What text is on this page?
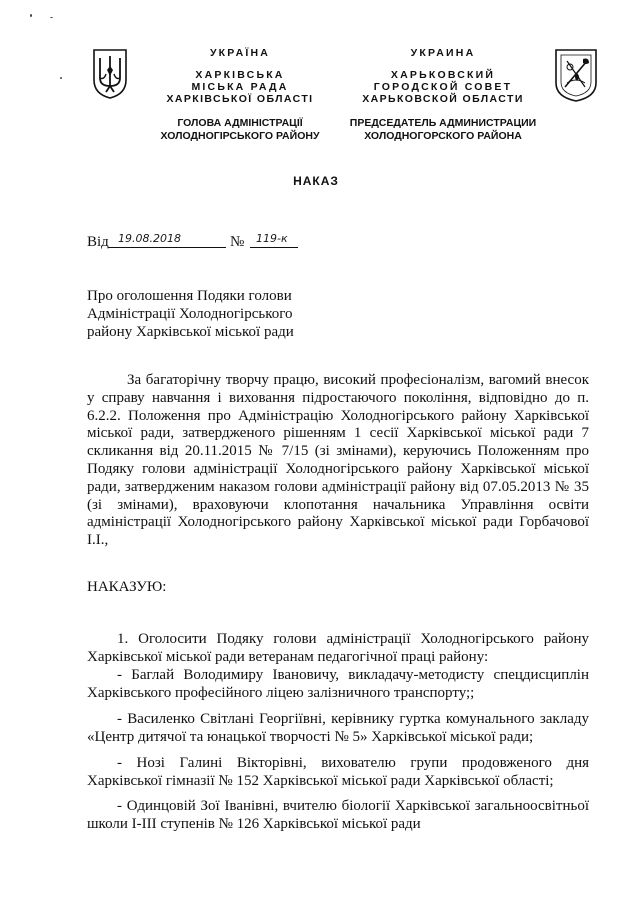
УКРАЇНА
ХАРКІВСЬКА
МІСЬКА РАДА
ХАРКІВСЬКОЇ ОБЛАСТІ
ГОЛОВА АДМІНІСТРАЦІЇ
ХОЛОДНОГІРСЬКОГО РАЙОНУ
УКРАИНА
ХАРЬКОВСКИЙ
ГОРОДСКОЙ СОВЕТ
ХАРЬКОВСКОЙ ОБЛАСТИ
ПРЕДСЕДАТЕЛЬ АДМИНИСТРАЦИИ
ХОЛОДНОГОРСКОГО РАЙОНА
НАКАЗ
Від 19.08.2018	№ 119-к
Про оголошення Подяки голови
Адміністрації Холодногірського
району Харківської міської ради
За багаторічну творчу працю, високий професіоналізм, вагомий внесок у справу навчання і виховання підростаючого покоління, відповідно до п. 6.2.2. Положення про Адміністрацію Холодногірського району Харківської міської ради, затвердженого рішенням 1 сесії Харківської міської ради 7 скликання від 20.11.2015 № 7/15 (зі змінами), керуючись Положенням про Подяку голови адміністрації Холодногірського району Харківської міської ради, затвердженим наказом голови адміністрації району від 07.05.2013 № 35 (зі змінами), враховуючи клопотання начальника Управління освіти адміністрації Холодногірського району Харківської міської ради Горбачової І.І.,
НАКАЗУЮ:
1. Оголосити Подяку голови адміністрації Холодногірського району Харківської міської ради ветеранам педагогічної праці району:
- Баглай Володимиру Івановичу, викладачу-методисту спецдисциплін Харківського професійного ліцею залізничного транспорту;;
- Василенко Світлані Георгіївні, керівнику гуртка комунального закладу «Центр дитячої та юнацької творчості № 5» Харківської міської ради;
- Нозі Галині Вікторівні, вихователю групи продовженого дня Харківської гімназії № 152 Харківської міської ради Харківської області;
- Одинцовій Зої Іванівні, вчителю біології Харківської загальноосвітньої школи І-ІІІ ступенів № 126 Харківської міської ради
